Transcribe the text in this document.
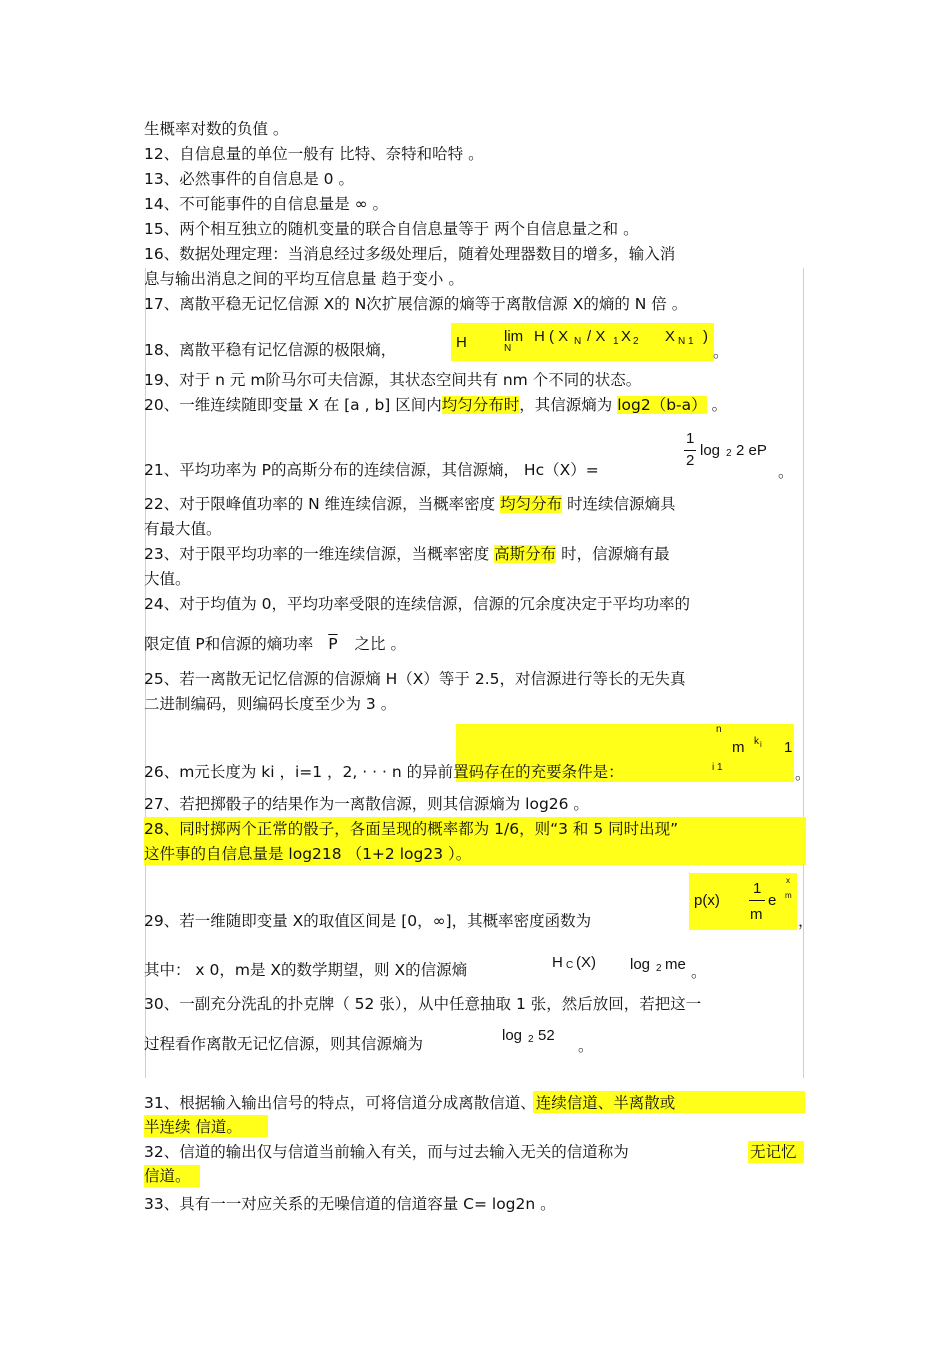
生概率对数的负值 。
12、自信息量的单位一般有 比特、奈特和哈特 。
13、必然事件的自信息是 0 。
14、不可能事件的自信息量是 ∞ 。
15、两个相互独立的随机变量的联合自信息量等于 两个自信息量之和 。
16、数据处理定理：当消息经过多级处理后，随着处理器数目的增多，输入消
息与输出消息之间的平均互信息量 趋于变小 。
17、离散平稳无记忆信源 X的 N次扩展信源的熵等于离散信源 X的熵的 N 倍 。
18、离散平稳有记忆信源的极限熵，	。
H lim
N
H ( X N / X 1 X 2 X N 1 )
19、对于 n 元 m阶马尔可夫信源，其状态空间共有 nm 个不同的状态。
20、一维连续随即变量 X 在 [a , b] 区间内均匀分布时，其信源熵为 log2（b-a） 。
1
2
log 2 2 eP
21、平均功率为 P的高斯分布的连续信源，其信源熵， Hc（X）=	。
22、对于限峰值功率的 N 维连续信源，当概率密度 均匀分布 时连续信源熵具
有最大值。
23、对于限平均功率的一维连续信源，当概率密度 高斯分布 时，信源熵有最
大值。
24、对于均值为 0，平均功率受限的连续信源，信源的冗余度决定于平均功率的
限定值 P和信源的熵功率 $\overline{P}$ 之比 。
25、若一离散无记忆信源的信源熵 H（X）等于 2.5，对信源进行等长的无失真
二进制编码，则编码长度至少为 3 。
n
m k i 1
i 1
26、m元长度为 ki ，i=1 ，2, · · · n 的异前置码存在的充要条件是：	。
27、若把掷骰子的结果作为一离散信源，则其信源熵为 log26 。
28、同时掷两个正常的骰子，各面呈现的概率都为 1/6，则“3 和 5 同时出现”
这件事的自信息量是 log218 （1+2 log23 ）。
p(x)
1
m
e
x
m
29、若一维随即变量 X的取值区间是 [0，∞]，其概率密度函数为	，
其中： x 0，m是 X的数学期望，则 X的信源熵	H C (X) log 2 me 。
30、一副充分洗乱的扑克牌（ 52 张），从中任意抽取 1 张，然后放回，若把这一
过程看作离散无记忆信源，则其信源熵为	log 2 52
。
31、根据输入输出信号的特点，可将信道分成离散信道、连续信道、半离散或
半连续 信道。
32、信道的输出仅与信道当前输入有关，而与过去输入无关的信道称为	无记忆
信道。
33、具有一一对应关系的无噪信道的信道容量 C= log2n 。
